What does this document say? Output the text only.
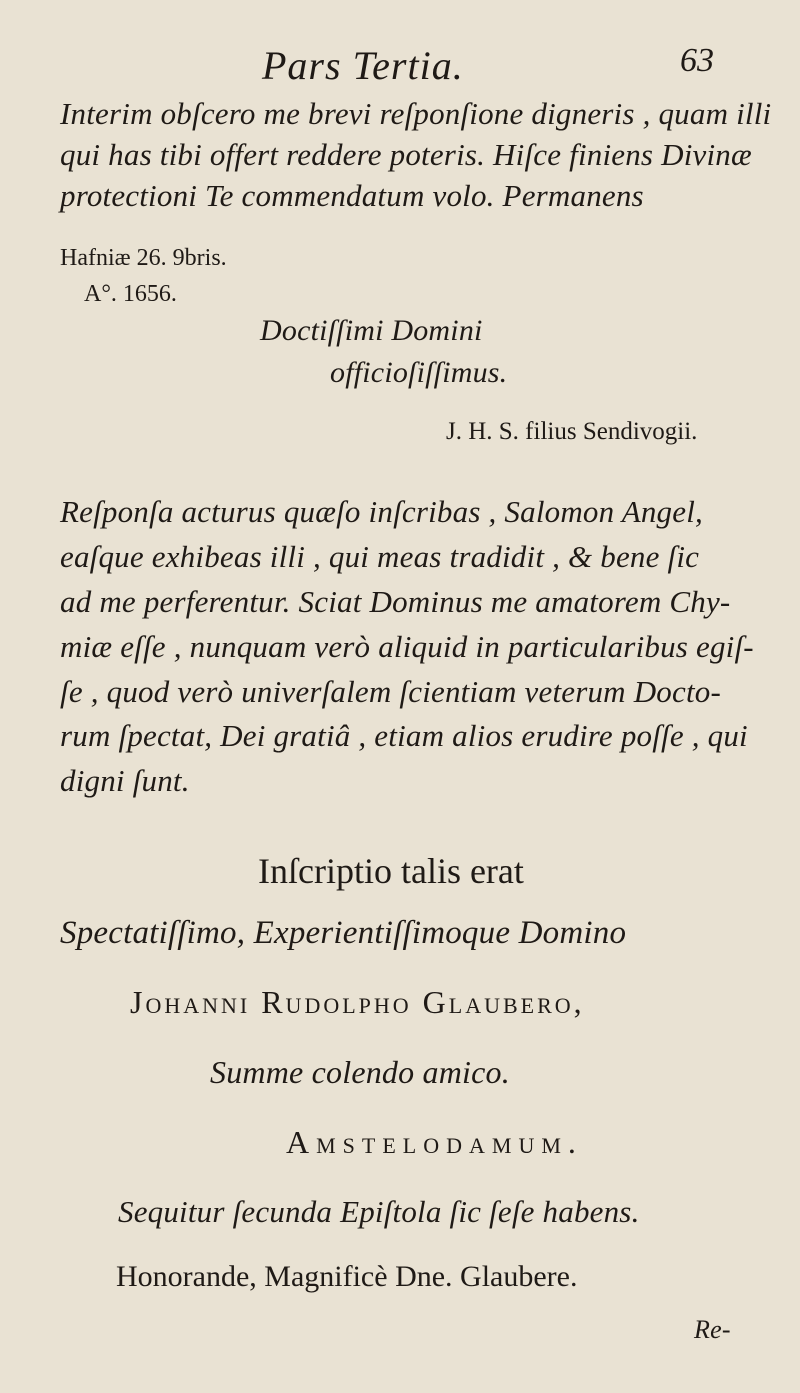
Pars Tertia.	63
Interim obſcero me brevi reſponſione digneris , quam illi
qui has tibi offert reddere poteris. Hiſce finiens Divinæ
protectioni Te commendatum volo. Permanens
Hafniæ 26. 9bris.
A°. 1656.
Doctiſſimi Domini
officioſiſſimus.
J. H. S. filius Sendivogii.
Reſponſa acturus quæſo inſcribas , Salomon Angel,
eaſque exhibeas illi , qui meas tradidit , & bene ſic
ad me perferentur. Sciat Dominus me amatorem Chy-
miæ eſſe , nunquam verò aliquid in particularibus egiſ-
ſe , quod verò univerſalem ſcientiam veterum Docto-
rum ſpectat, Dei gratiâ , etiam alios erudire poſſe , qui
digni ſunt.
Inſcriptio talis erat
Spectatiſſimo, Experientiſſimoque Domino
Johanni Rudolpho Glaubero,
Summe colendo amico.
Amstelodamum.
Sequitur ſecunda Epiſtola ſic ſeſe habens.
Honorande, Magnificè Dne. Glaubere.
Re-
